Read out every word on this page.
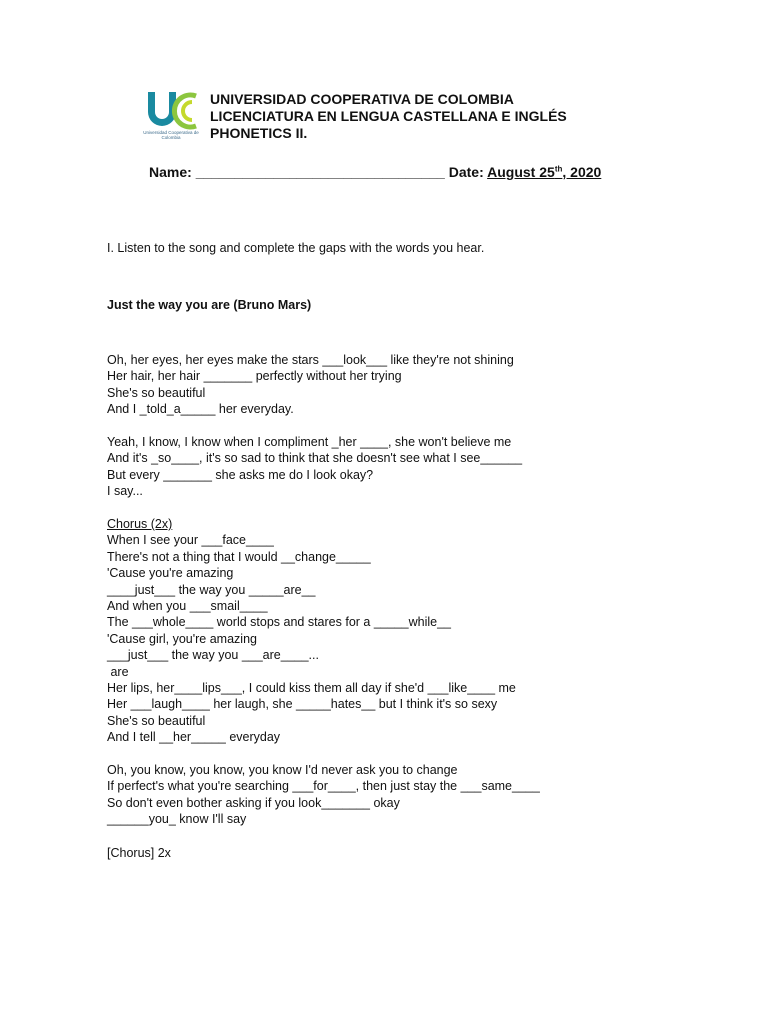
Universidad Cooperativa de Colombia
UNIVERSIDAD COOPERATIVA DE COLOMBIA
LICENCIATURA EN LENGUA CASTELLANA E INGLÉS
PHONETICS II.
Name: ________________________________ Date: August 25th, 2020
I. Listen to the song and complete the gaps with the words you hear.
Just the way you are (Bruno Mars)
Oh, her eyes, her eyes make the stars ___look___ like they're not shining
Her hair, her hair _______ perfectly without her trying
She's so beautiful
And I _told_a_____ her everyday.
Yeah, I know, I know when I compliment _her ____, she won't believe me
And it's _so____, it's so sad to think that she doesn't see what I see______
But every _______ she asks me do I look okay?
I say...
Chorus (2x)
When I see your ___face____
There's not a thing that I would __change_____
'Cause you're amazing
____just___ the way you _____are__
And when you ___smail____
The ___whole____ world stops and stares for a _____while__
'Cause girl, you're amazing
___just___ the way you ___are____...
are
Her lips, her____lips___, I could kiss them all day if she'd ___like____ me
Her ___laugh____ her laugh, she _____hates__ but I think it's so sexy
She's so beautiful
And I tell __her_____ everyday
Oh, you know, you know, you know I'd never ask you to change
If perfect's what you're searching ___for____, then just stay the ___same____
So don't even bother asking if you look_______ okay
______you_ know I'll say
[Chorus] 2x
